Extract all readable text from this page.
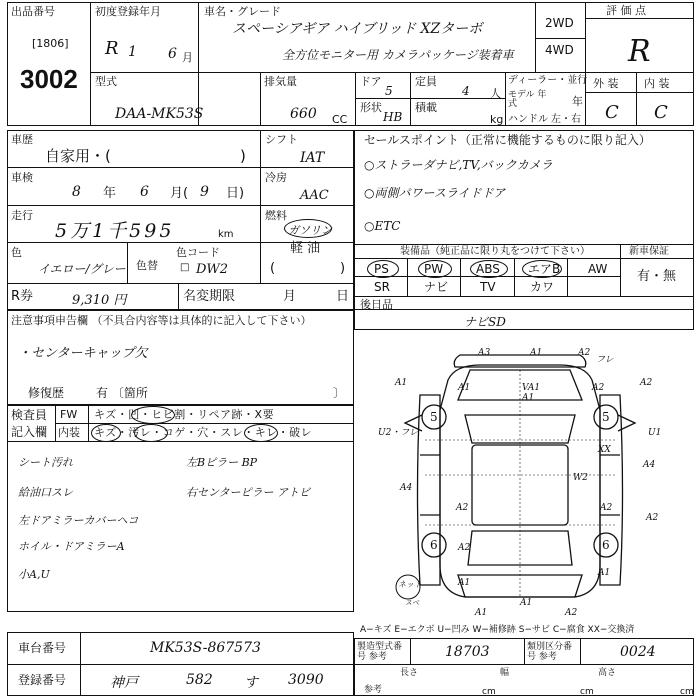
出品番号
[1806]
3002
初度登録年月
R 1 6 月
車名・グレード
スペーシアギア ハイブリッド XZターボ
全方位モニター用 カメラパッケージ装着車
2WD
4WD
評 価 点
R
外 装 内 装
C C
型式
DAA-MK53S
排気量
660 CC
ドア
5
定員
4 人
形状
HB
積載
kg
ディーラー・並行
モデル 年式	年
ハンドル 左・右
車歴
自家用・(	)
シフト
IAT
車検
8 年 6 月( 9 日)
冷房
AAC
走行
5万1千595	km
燃料
ガソリン
軽 油
色
イエロー/グレー 色替 □
色コード
DW2	(	)
R券	9,310 円	名変期限	月	日
セールスポイント（正常に機能するものに限り記入）
○ストラーダナビ,TV,バックカメラ
○両側パワースライドドア
○ETC
装備品（純正品に限り丸をつけて下さい）	新車保証
有・無
PS	PW	ABS エアB AW
SR	ナビ	TV	カワ
後日品
ナビSD
注意事項申告欄 （不具合内容等は具体的に記入して下さい）
・センターキャップ欠
修復歴	有 〔箇所	〕
検査員
記入欄
FW キズ・凹・ヒビ割・リペア跡・X要
内装 キズ・汚レ・コゲ・穴・スレ・キレ・破レ
シート汚れ
給油口スレ
左ドアミラーカバーヘコ
ホイル・ドアミラーA
小A,U
左Bピラー BP
右センターピラー アトビ
A3	A1	A2
フレ
A1	VA1
A1
A2
A1	A2
U2・フレ	U1
XX
A4
A4
W2
A2	A2
A2
A2
A1
A1
A1
A1	A2
5	5
6	6
ネット
スベ
A−キズ E−エクボ U−凹み W−補修跡 S−サビ C−腐食 XX−交換済
車台番号	MK53S-867573
登録番号	神戸	582 す 3090
製造型式番号 参考	18703	類別区分番号 参考	0024
長さ
cm
幅
cm
高さ
cm
参考
